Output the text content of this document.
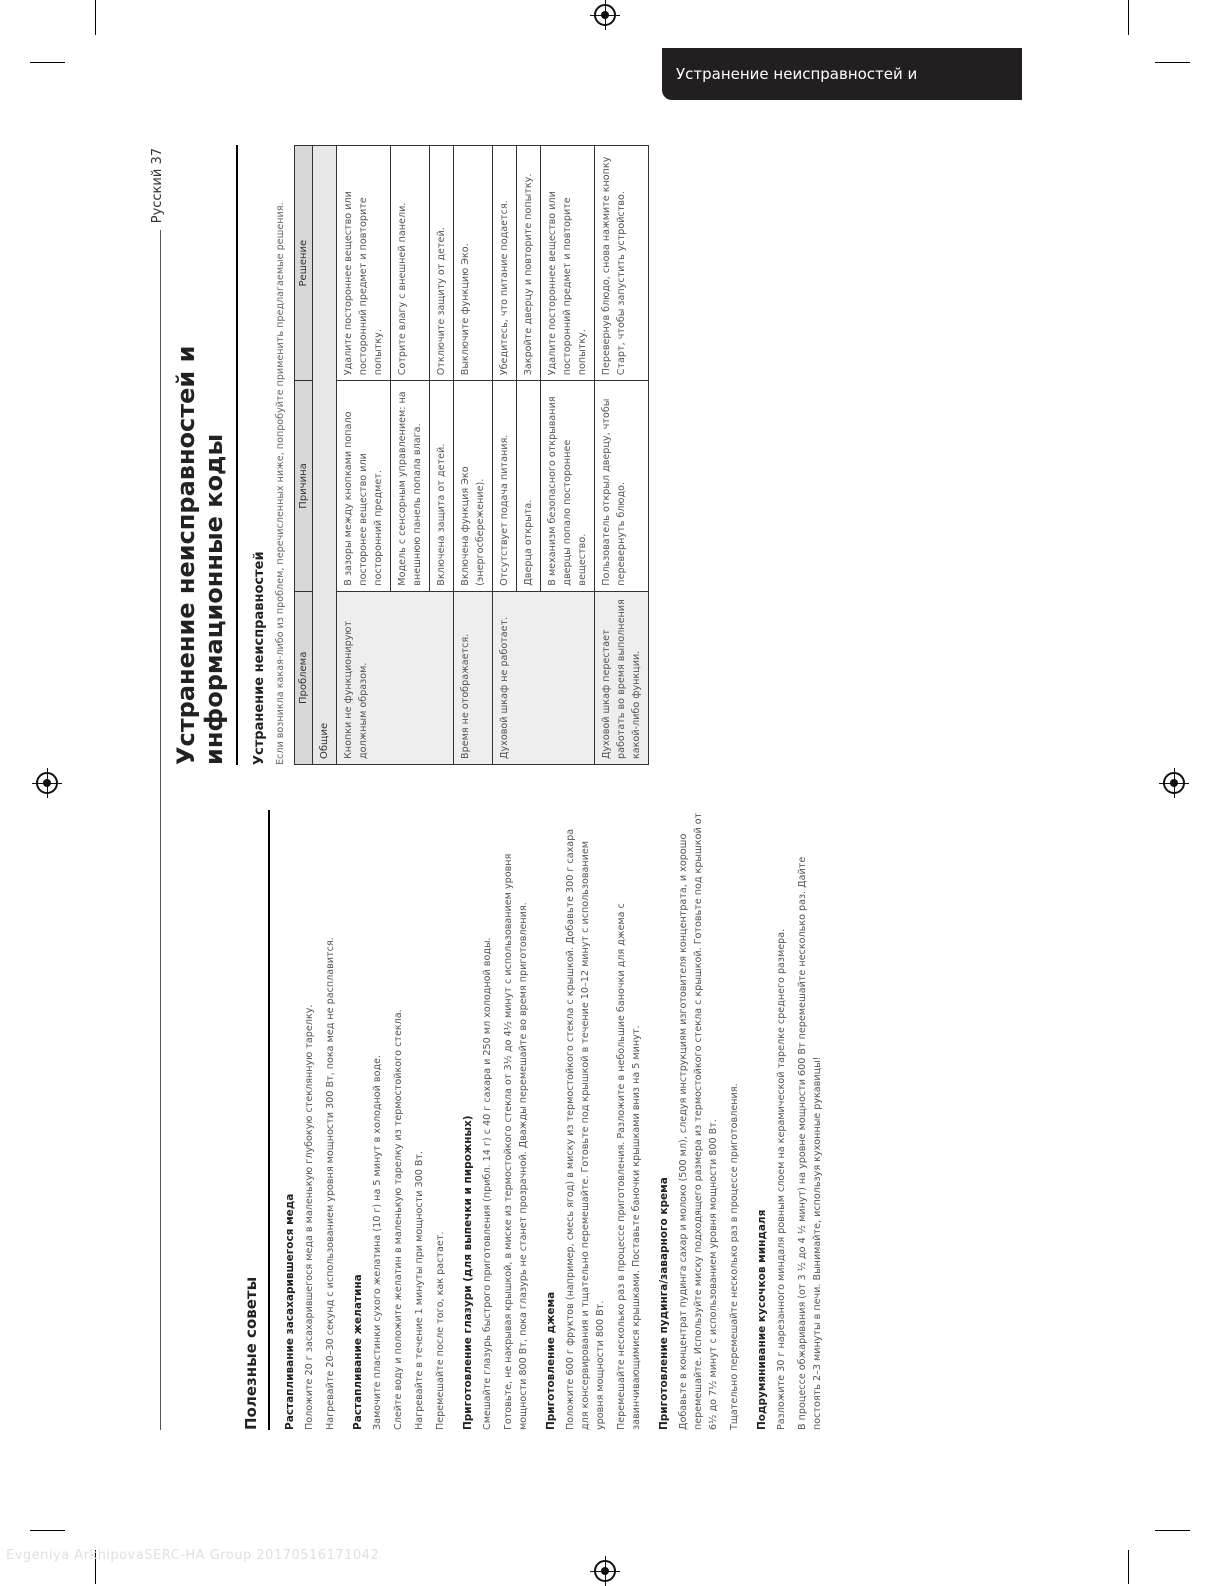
Устранение неисправностей и информационные коды
Русский 37
Полезные советы	Растапливание засахарившегося меда Положите 20 г засахарившегося меда в маленькую глубокую стеклянную тарелку. Нагревайте 20–30 секунд с использованием уровня мощности 300 Вт, пока мед не расплавится. Растапливание желатина Замочите пластинки сухого желатина (10 г) на 5 минут в холодной воде. Слейте воду и положите желатин в маленькую тарелку из термостойкого стекла. Нагревайте в течение 1 минуты при мощности 300 Вт. Перемешайте после того, как растает. Приготовление глазури (для выпечки и пирожных) Смешайте глазурь быстрого приготовления (прибл. 14 г) с 40 г сахара и 250 мл холодной воды. Готовьте, не накрывая крышкой, в миске из термостойкого стекла от 3½ до 4½ минут с использованием уровня мощности 800 Вт, пока глазурь не станет прозрачной. Дважды перемешайте во время приготовления. Приготовление джема Положите 600 г фруктов (например, смесь ягод) в миску из термостойкого стекла с крышкой. Добавьте 300 г сахара для консервирования и тщательно перемешайте. Готовьте под крышкой в течение 10–12 минут с использованием уровня мощности 800 Вт. Перемешайте несколько раз в процессе приготовления. Разложите в небольшие баночки для джема с завинчивающимися крышками. Поставьте баночки крышками вниз на 5 минут. Приготовление пудинга/заварного крема Добавьте в концентрат пудинга сахар и молоко (500 мл), следуя инструкциям изготовителя концентрата, и хорошо перемешайте. Используйте миску подходящего размера из термостойкого стекла с крышкой. Готовьте под крышкой от 6½ до 7½ минут с использованием уровня мощности 800 Вт. Тщательно перемешайте несколько раз в процессе приготовления. Подрумянивание кусочков миндаля Разложите 30 г нарезанного миндаля ровным слоем на керамической тарелке среднего размера. В процессе обжаривания (от 3 ½ до 4 ½ минут) на уровне мощности 600 Вт перемешайте несколько раз. Дайте постоять 2–3 минуты в печи. Вынимайте, используя кухонные рукавицы!

Устранение неисправностей и информационные коды	Устранение неисправностей Если возникла какая-либо из проблем, перечисленных ниже, попробуйте применить предлагаемые решения. Проблема	Причина	Решение
Общие		
Кнопки не функционируют должным образом.	В зазоры между кнопками попало посторонее вещество или посторонний предмет.	Удалите постороннее вещество или посторонний предмет и повторите попытку.
	Модель с сенсорным управлением: на внешнюю панель попала влага.	Сотрите влагу с внешней панели.
	Включена защита от детей.	Отключите защиту от детей.
Время не отображается.	Включена функция Эко (энергосбережение).	Выключите функцию Эко.
Духовой шкаф не работает.	Отсутствует подача питания.	Убедитесь, что питание подается.
	Дверца открыта.	Закройте дверцу и повторите попытку.
	В механизм безопасного открывания дверцы попало постороннее вещество.	Удалите постороннее вещество или посторонний предмет и повторите попытку.
Духовой шкаф перестает работать во время выполнения какой-либо функции.	Пользователь открыл дверцу, чтобы перевернуть блюдо.	Перевернув блюдо, снова нажмите кнопку Старт, чтобы запустить устройство.
Evgeniya ArkhipovaSERC-HA Group 20170516171042
